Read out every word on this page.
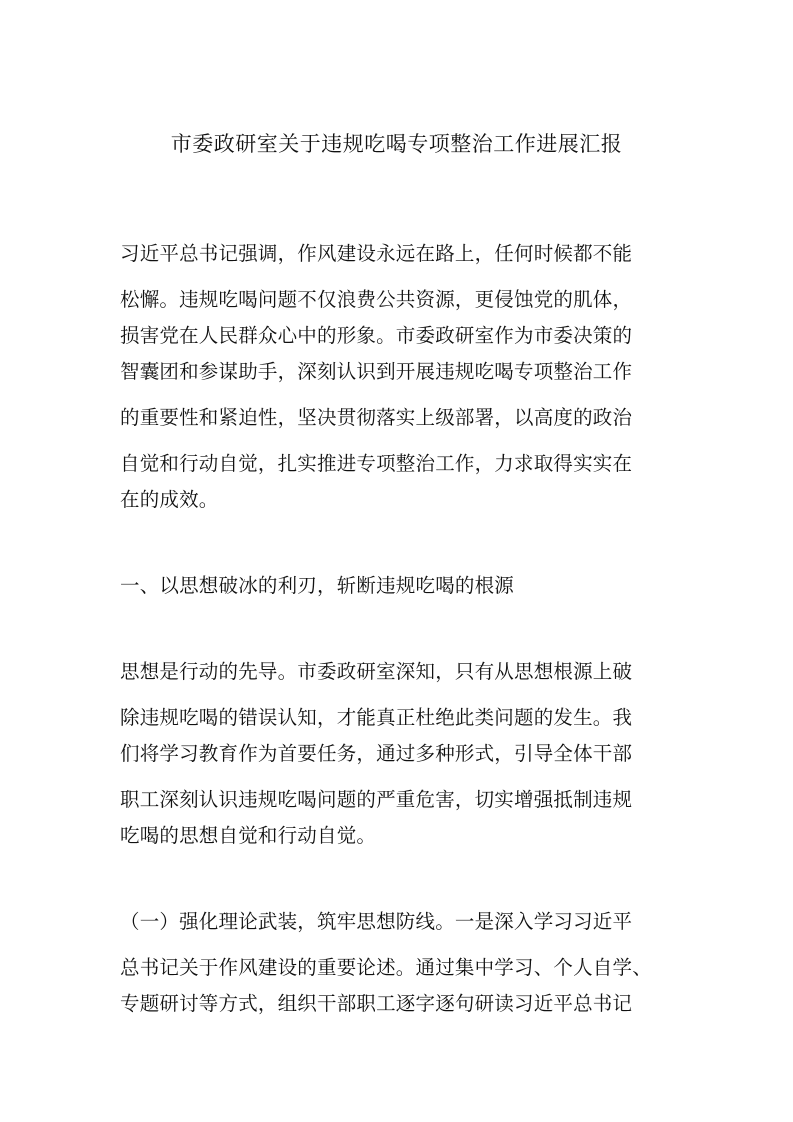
市委政研室关于违规吃喝专项整治工作进展汇报

习近平总书记强调，作风建设永远在路上，任何时候都不能

松懈。违规吃喝问题不仅浪费公共资源，更侵蚀党的肌体，

损害党在人民群众心中的形象。市委政研室作为市委决策的

智囊团和参谋助手，深刻认识到开展违规吃喝专项整治工作

的重要性和紧迫性，坚决贯彻落实上级部署，以高度的政治

自觉和行动自觉，扎实推进专项整治工作，力求取得实实在

在的成效。

一、以思想破冰的利刃，斩断违规吃喝的根源

思想是行动的先导。市委政研室深知，只有从思想根源上破

除违规吃喝的错误认知，才能真正杜绝此类问题的发生。我

们将学习教育作为首要任务，通过多种形式，引导全体干部

职工深刻认识违规吃喝问题的严重危害，切实增强抵制违规

吃喝的思想自觉和行动自觉。

（一）强化理论武装，筑牢思想防线。一是深入学习习近平

总书记关于作风建设的重要论述。通过集中学习、个人自学、

专题研讨等方式，组织干部职工逐字逐句研读习近平总书记
